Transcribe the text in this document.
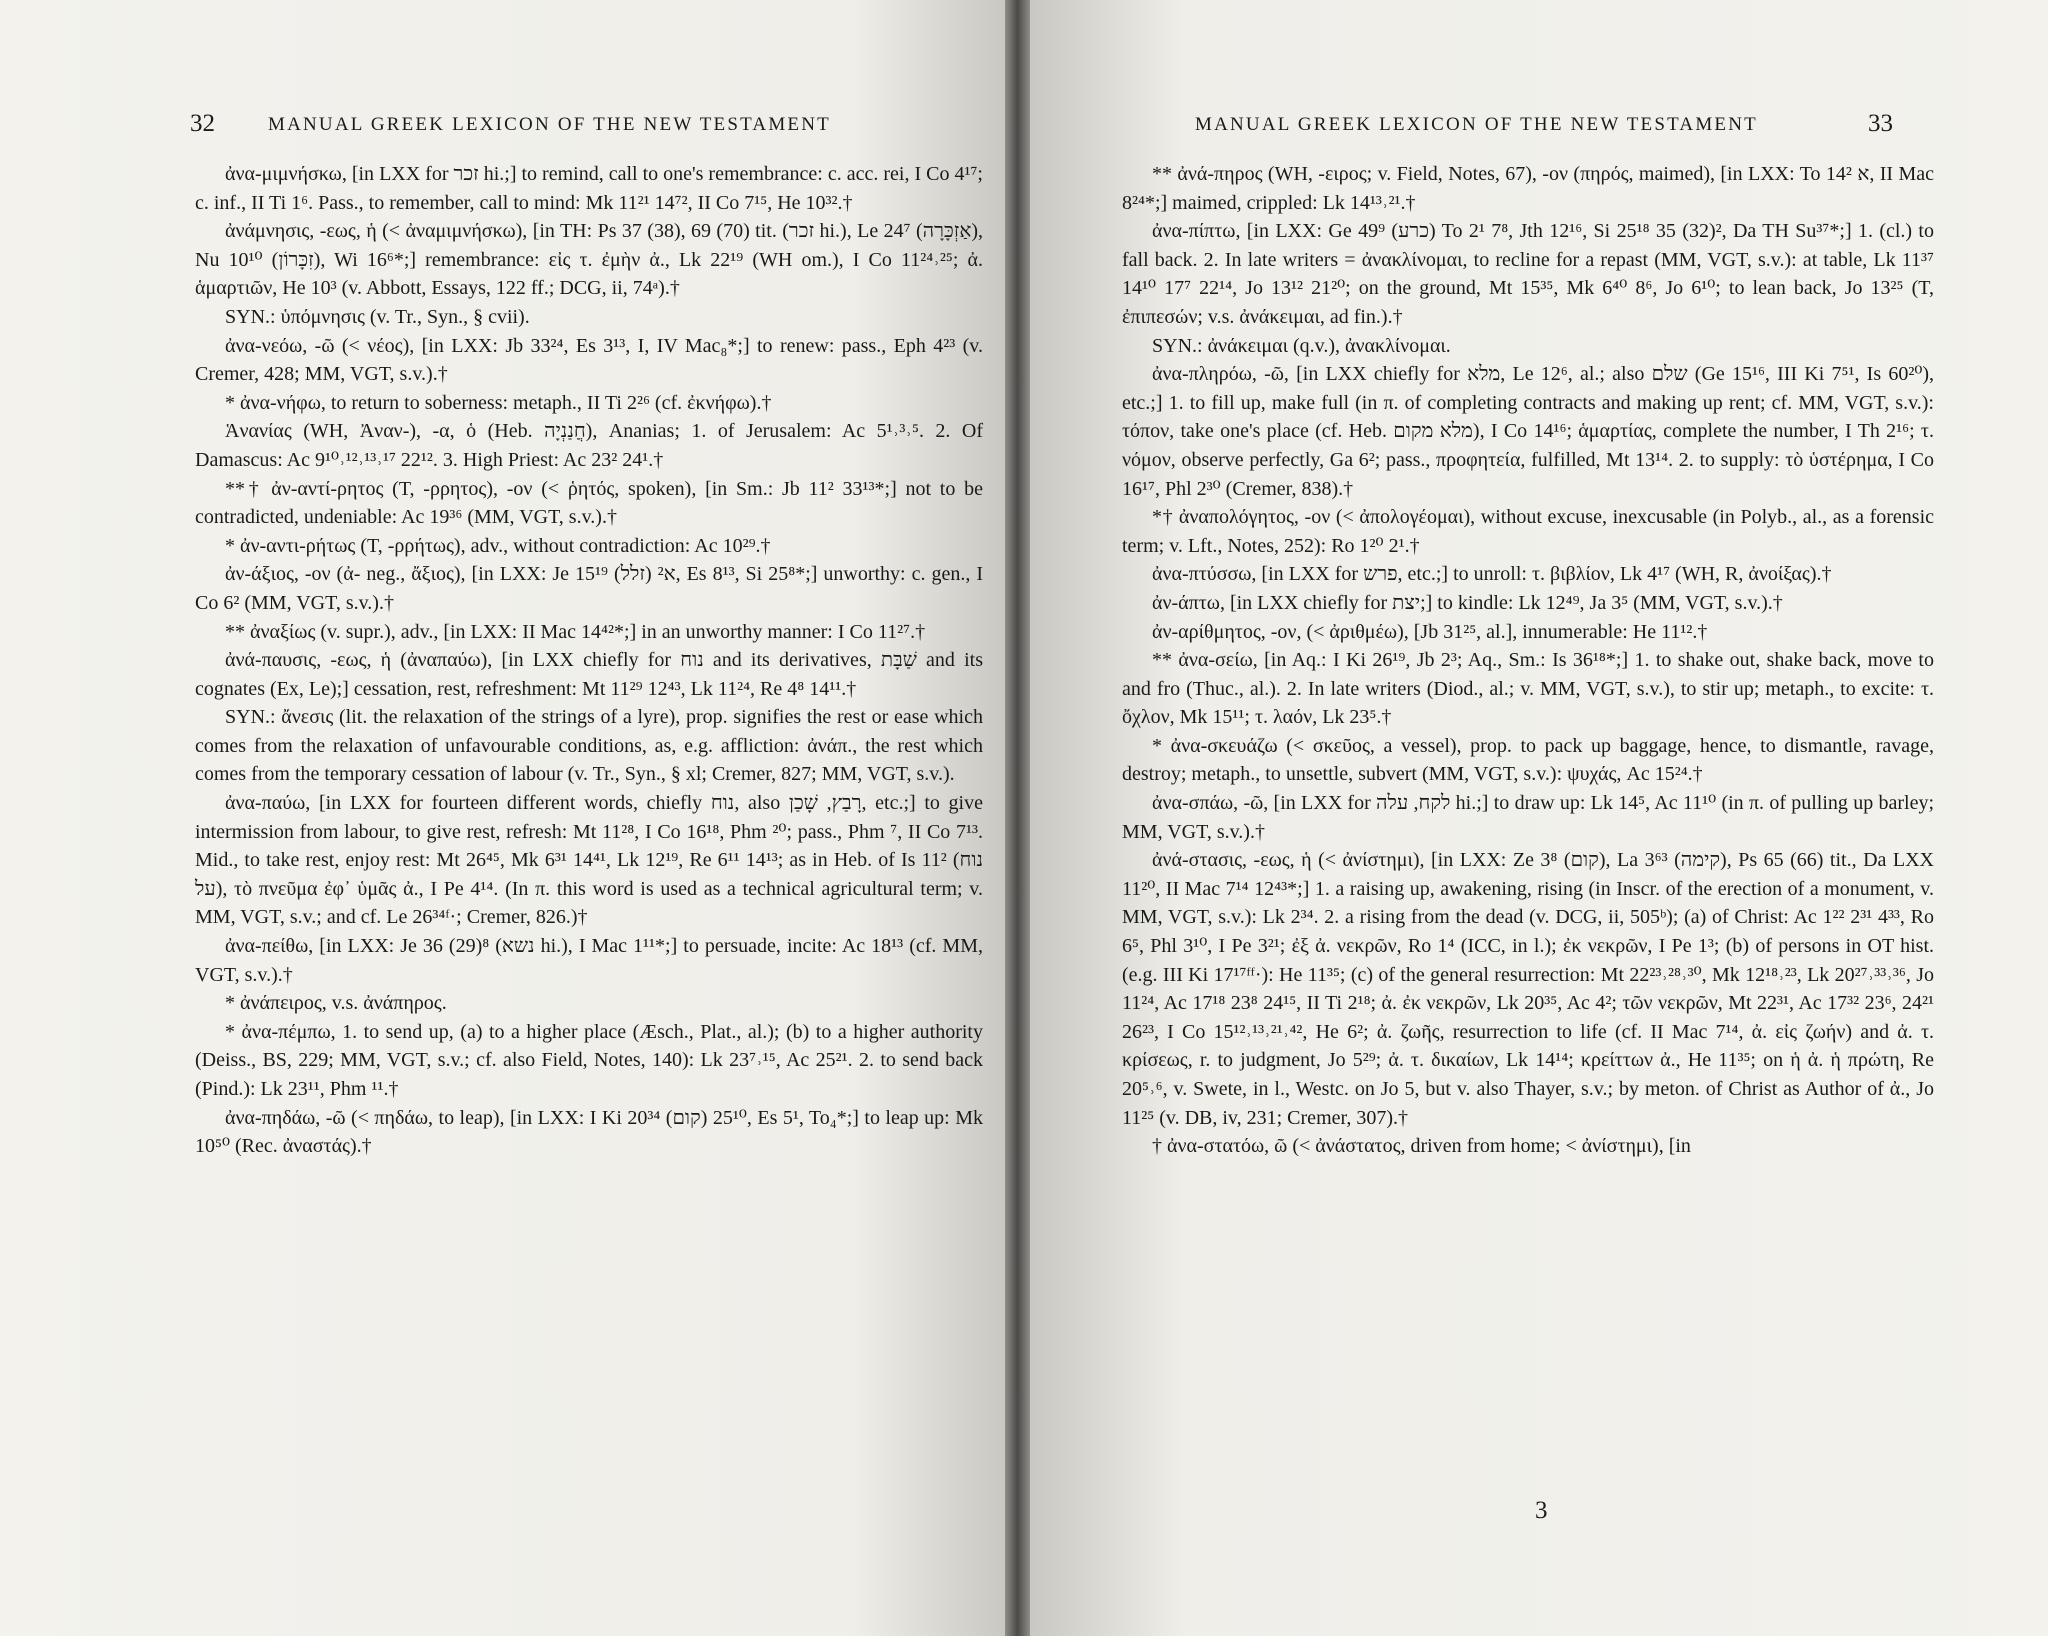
32	MANUAL GREEK LEXICON OF THE NEW TESTAMENT

ἀνα-μιμνήσκω, [in LXX for זכר hi.;] to remind, call to one's remembrance: c. acc. rei, I Co 4¹⁷; c. inf., II Ti 1⁶. Pass., to remember, call to mind: Mk 11²¹ 14⁷², II Co 7¹⁵, He 10³².†

ἀνάμνησις, -εως, ἡ (< ἀναμιμνήσκω), [in TH: Ps 37 (38), 69 (70) tit. (זכר hi.), Le 24⁷ (אַזְכָּרָה), Nu 10¹⁰ (זִכָּרוֹן), Wi 16⁶*;] remembrance: εἰς τ. ἐμὴν ἀ., Lk 22¹⁹ (WH om.), I Co 11²⁴˒²⁵; ἀ. ἁμαρτιῶν, He 10³ (v. Abbott, Essays, 122 ff.; DCG, ii, 74ᵃ).†

SYN.: ὑπόμνησις (v. Tr., Syn., § cvii).

ἀνα-νεόω, -ῶ (< νέος), [in LXX: Jb 33²⁴, Es 3¹³, I, IV Mac₈*;] to renew: pass., Eph 4²³ (v. Cremer, 428; MM, VGT, s.v.).†

* ἀνα-νήφω, to return to soberness: metaph., II Ti 2²⁶ (cf. ἐκνήφω).†

Ἁνανίας (WH, Ἀναν-), -α, ὁ (Heb. חֲנַנְיָה), Ananias; 1. of Jerusalem: Ac 5¹˒³˒⁵. 2. Of Damascus: Ac 9¹⁰˒¹²˒¹³˒¹⁷ 22¹². 3. High Priest: Ac 23² 24¹.†

**† ἀν-αντί-ρητος (T, -ρρητος), -ον (< ῥητός, spoken), [in Sm.: Jb 11² 33¹³*;] not to be contradicted, undeniable: Ac 19³⁶ (MM, VGT, s.v.).†

* ἀν-αντι-ρήτως (T, -ρρήτως), adv., without contradiction: Ac 10²⁹.†

ἀν-άξιος, -ον (ἀ- neg., ἄξιος), [in LXX: Je 15¹⁹ א² (זלל), Es 8¹³, Si 25⁸*;] unworthy: c. gen., I Co 6² (MM, VGT, s.v.).†

** ἀναξίως (v. supr.), adv., [in LXX: II Mac 14⁴²*;] in an unworthy manner: I Co 11²⁷.†

ἀνά-παυσις, -εως, ἡ (ἀναπαύω), [in LXX chiefly for נוח and its derivatives, שַׁבָּת and its cognates (Ex, Le);] cessation, rest, refreshment: Mt 11²⁹ 12⁴³, Lk 11²⁴, Re 4⁸ 14¹¹.†

SYN.: ἄνεσις (lit. the relaxation of the strings of a lyre), prop. signifies the rest or ease which comes from the relaxation of unfavourable conditions, as, e.g. affliction: ἀνάπ., the rest which comes from the temporary cessation of labour (v. Tr., Syn., § xl; Cremer, 827; MM, VGT, s.v.).

ἀνα-παύω, [in LXX for fourteen different words, chiefly נוח, also רָבַץ, שָׁכַן, etc.;] to give intermission from labour, to give rest, refresh: Mt 11²⁸, I Co 16¹⁸, Phm ²⁰; pass., Phm ⁷, II Co 7¹³. Mid., to take rest, enjoy rest: Mt 26⁴⁵, Mk 6³¹ 14⁴¹, Lk 12¹⁹, Re 6¹¹ 14¹³; as in Heb. of Is 11² (נוח על), τὸ πνεῦμα ἐφ᾽ ὑμᾶς ἀ., I Pe 4¹⁴. (In π. this word is used as a technical agricultural term; v. MM, VGT, s.v.; and cf. Le 26³⁴ᶠ·; Cremer, 826.)†

ἀνα-πείθω, [in LXX: Je 36 (29)⁸ (נשא hi.), I Mac 1¹¹*;] to persuade, incite: Ac 18¹³ (cf. MM, VGT, s.v.).†

* ἀνάπειρος, v.s. ἀνάπηρος.

* ἀνα-πέμπω, 1. to send up, (a) to a higher place (Æsch., Plat., al.); (b) to a higher authority (Deiss., BS, 229; MM, VGT, s.v.; cf. also Field, Notes, 140): Lk 23⁷˒¹⁵, Ac 25²¹. 2. to send back (Pind.): Lk 23¹¹, Phm ¹¹.†

ἀνα-πηδάω, -ῶ (< πηδάω, to leap), [in LXX: I Ki 20³⁴ (קום) 25¹⁰, Es 5¹, To₄*;] to leap up: Mk 10⁵⁰ (Rec. ἀναστάς).†

MANUAL GREEK LEXICON OF THE NEW TESTAMENT	33

** ἀνά-πηρος (WH, -ειρος; v. Field, Notes, 67), -ον (πηρός, maimed), [in LXX: To 14² א, II Mac 8²⁴*;] maimed, crippled: Lk 14¹³˒²¹.†

ἀνα-πίπτω, [in LXX: Ge 49⁹ (כרע) To 2¹ 7⁸, Jth 12¹⁶, Si 25¹⁸ 35 (32)², Da TH Su³⁷*;] 1. (cl.) to fall back. 2. In late writers = ἀνακλίνομαι, to recline for a repast (MM, VGT, s.v.): at table, Lk 11³⁷ 14¹⁰ 17⁷ 22¹⁴, Jo 13¹² 21²⁰; on the ground, Mt 15³⁵, Mk 6⁴⁰ 8⁶, Jo 6¹⁰; to lean back, Jo 13²⁵ (T, ἐπιπεσών; v.s. ἀνάκειμαι, ad fin.).†

SYN.: ἀνάκειμαι (q.v.), ἀνακλίνομαι.

ἀνα-πληρόω, -ῶ, [in LXX chiefly for מלא, Le 12⁶, al.; also שלם (Ge 15¹⁶, III Ki 7⁵¹, Is 60²⁰), etc.;] 1. to fill up, make full (in π. of completing contracts and making up rent; cf. MM, VGT, s.v.): τόπον, take one's place (cf. Heb. מלא מקום), I Co 14¹⁶; ἁμαρτίας, complete the number, I Th 2¹⁶; τ. νόμον, observe perfectly, Ga 6²; pass., προφητεία, fulfilled, Mt 13¹⁴. 2. to supply: τὸ ὑστέρημα, I Co 16¹⁷, Phl 2³⁰ (Cremer, 838).†

*† ἀναπολόγητος, -ον (< ἀπολογέομαι), without excuse, inexcusable (in Polyb., al., as a forensic term; v. Lft., Notes, 252): Ro 1²⁰ 2¹.†

ἀνα-πτύσσω, [in LXX for פרש, etc.;] to unroll: τ. βιβλίον, Lk 4¹⁷ (WH, R, ἀνοίξας).†

ἀν-άπτω, [in LXX chiefly for יצת;] to kindle: Lk 12⁴⁹, Ja 3⁵ (MM, VGT, s.v.).†

ἀν-αρίθμητος, -ον, (< ἀριθμέω), [Jb 31²⁵, al.], innumerable: He 11¹².†

** ἀνα-σείω, [in Aq.: I Ki 26¹⁹, Jb 2³; Aq., Sm.: Is 36¹⁸*;] 1. to shake out, shake back, move to and fro (Thuc., al.). 2. In late writers (Diod., al.; v. MM, VGT, s.v.), to stir up; metaph., to excite: τ. ὄχλον, Mk 15¹¹; τ. λαόν, Lk 23⁵.†

* ἀνα-σκευάζω (< σκεῦος, a vessel), prop. to pack up baggage, hence, to dismantle, ravage, destroy; metaph., to unsettle, subvert (MM, VGT, s.v.): ψυχάς, Ac 15²⁴.†

ἀνα-σπάω, -ῶ, [in LXX for לקח, עלה hi.;] to draw up: Lk 14⁵, Ac 11¹⁰ (in π. of pulling up barley; MM, VGT, s.v.).†

ἀνά-στασις, -εως, ἡ (< ἀνίστημι), [in LXX: Ze 3⁸ (קום), La 3⁶³ (קימה), Ps 65 (66) tit., Da LXX 11²⁰, II Mac 7¹⁴ 12⁴³*;] 1. a raising up, awakening, rising (in Inscr. of the erection of a monument, v. MM, VGT, s.v.): Lk 2³⁴. 2. a rising from the dead (v. DCG, ii, 505ᵇ); (a) of Christ: Ac 1²² 2³¹ 4³³, Ro 6⁵, Phl 3¹⁰, I Pe 3²¹; ἐξ ἀ. νεκρῶν, Ro 1⁴ (ICC, in l.); ἐκ νεκρῶν, I Pe 1³; (b) of persons in OT hist. (e.g. III Ki 17¹⁷ᶠᶠ·): He 11³⁵; (c) of the general resurrection: Mt 22²³˒²⁸˒³⁰, Mk 12¹⁸˒²³, Lk 20²⁷˒³³˒³⁶, Jo 11²⁴, Ac 17¹⁸ 23⁸ 24¹⁵, II Ti 2¹⁸; ἀ. ἐκ νεκρῶν, Lk 20³⁵, Ac 4²; τῶν νεκρῶν, Mt 22³¹, Ac 17³² 23⁶, 24²¹ 26²³, I Co 15¹²˒¹³˒²¹˒⁴², He 6²; ἀ. ζωῆς, resurrection to life (cf. II Mac 7¹⁴, ἀ. εἰς ζωήν) and ἀ. τ. κρίσεως, r. to judgment, Jo 5²⁹; ἀ. τ. δικαίων, Lk 14¹⁴; κρείττων ἀ., He 11³⁵; on ἡ ἀ. ἡ πρώτη, Re 20⁵˒⁶, v. Swete, in l., Westc. on Jo 5, but v. also Thayer, s.v.; by meton. of Christ as Author of ἀ., Jo 11²⁵ (v. DB, iv, 231; Cremer, 307).†

† ἀνα-στατόω, ῶ (< ἀνάστατος, driven from home; < ἀνίστημι), [in

3
